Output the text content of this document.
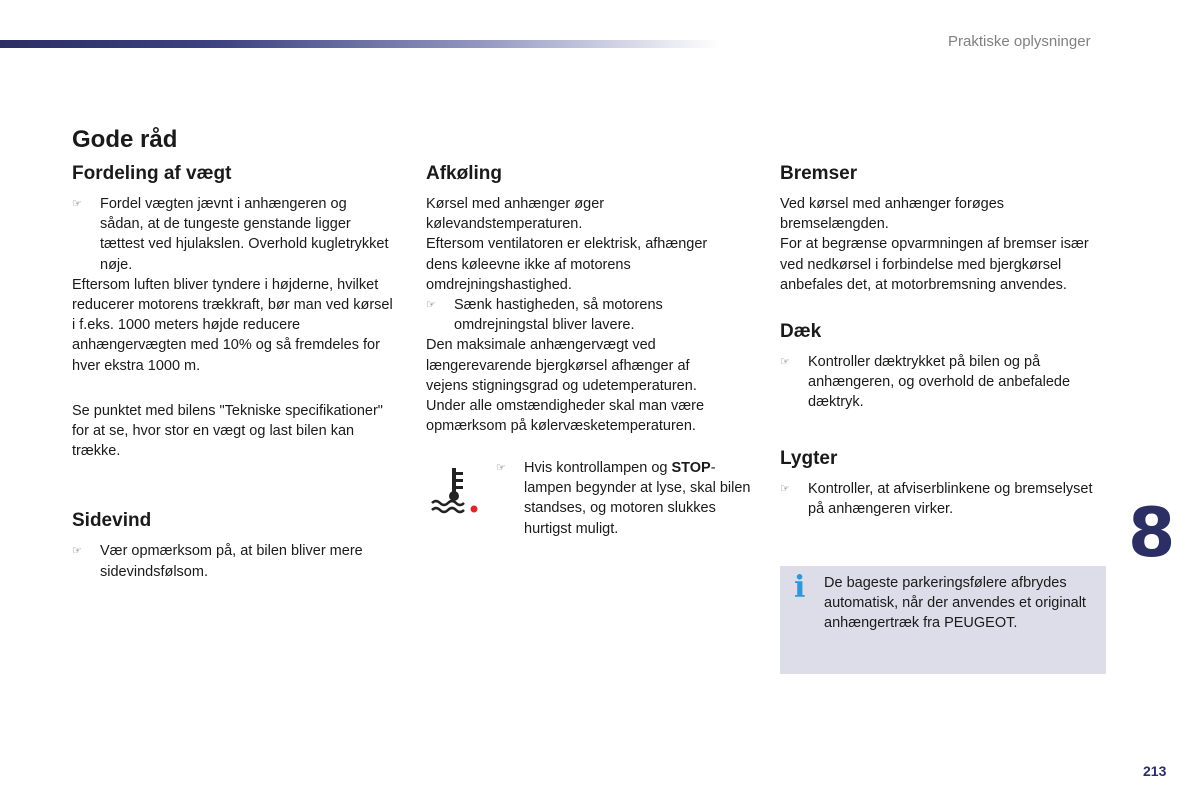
Praktiske oplysninger
Gode råd
Fordeling af vægt
☞ Fordel vægten jævnt i anhængeren og sådan, at de tungeste genstande ligger tættest ved hjulakslen. Overhold kugletrykket nøje.

Eftersom luften bliver tyndere i højderne, hvilket reducerer motorens trækkraft, bør man ved kørsel i f.eks. 1000 meters højde reducere anhængervægten med 10% og så fremdeles for hver ekstra 1000 m.

Se punktet med bilens "Tekniske specifikationer" for at se, hvor stor en vægt og last bilen kan trække.

Sidevind
☞ Vær opmærksom på, at bilen bliver mere sidevindsfølsom.
Afkøling

Kørsel med anhænger øger kølevandstemperaturen.

Eftersom ventilatoren er elektrisk, afhænger dens køleevne ikke af motorens omdrejningshastighed.

☞ Sænk hastigheden, så motorens omdrejningstal bliver lavere.

Den maksimale anhængervægt ved længerevarende bjergkørsel afhænger af vejens stigningsgrad og udetemperaturen.

Under alle omstændigheder skal man være opmærksom på kølervæsketemperaturen.

☞ Hvis kontrollampen og STOP-lampen begynder at lyse, skal bilen standses, og motoren slukkes hurtigst muligt.
Bremser

Ved kørsel med anhænger forøges bremselængden.

For at begrænse opvarmningen af bremser især ved nedkørsel i forbindelse med bjergkørsel anbefales det, at motorbremsning anvendes.

Dæk
☞ Kontroller dæktrykket på bilen og på anhængeren, og overhold de anbefalede dæktryk.
Lygter
☞ Kontroller, at afviserblinkene og bremselyset på anhængeren virker.
i De bageste parkeringsfølere afbrydes automatisk, når der anvendes et originalt anhængertræk fra PEUGEOT.
8
213
